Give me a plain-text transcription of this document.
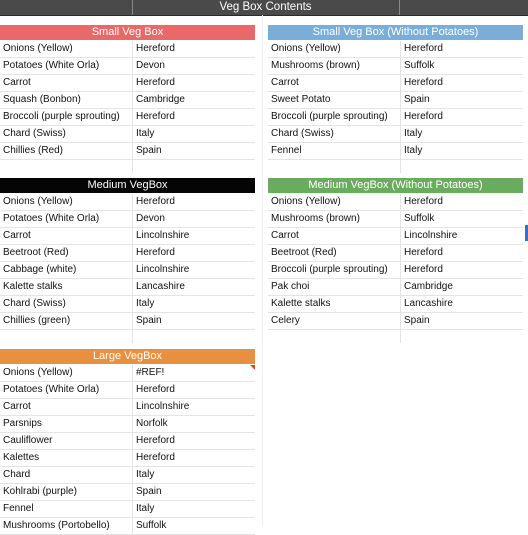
Veg Box Contents
Small Veg Box
Onions (Yellow)	Hereford
Potatoes (White Orla)	Devon
Carrot	Hereford
Squash (Bonbon)	Cambridge
Broccoli (purple sprouting)	Hereford
Chard (Swiss)	Italy
Chillies (Red)	Spain
Small Veg Box (Without Potatoes)
Onions (Yellow)	Hereford
Mushrooms (brown)	Suffolk
Carrot	Hereford
Sweet Potato	Spain
Broccoli (purple sprouting)	Hereford
Chard (Swiss)	Italy
Fennel	Italy
Medium VegBox
Onions (Yellow)	Hereford
Potatoes (White Orla)	Devon
Carrot	Lincolnshire
Beetroot (Red)	Hereford
Cabbage (white)	Lincolnshire
Kalette stalks	Lancashire
Chard (Swiss)	Italy
Chillies (green)	Spain
Medium VegBox (Without Potatoes)
Onions (Yellow)	Hereford
Mushrooms (brown)	Suffolk
Carrot	Lincolnshire
Beetroot (Red)	Hereford
Broccoli (purple sprouting)	Hereford
Pak choi	Cambridge
Kalette stalks	Lancashire
Celery	Spain
Large VegBox
Onions (Yellow)	#REF!
Potatoes (White Orla)	Hereford
Carrot	Lincolnshire
Parsnips	Norfolk
Cauliflower	Hereford
Kalettes	Hereford
Chard	Italy
Kohlrabi (purple)	Spain
Fennel	Italy
Mushrooms (Portobello)	Suffolk
